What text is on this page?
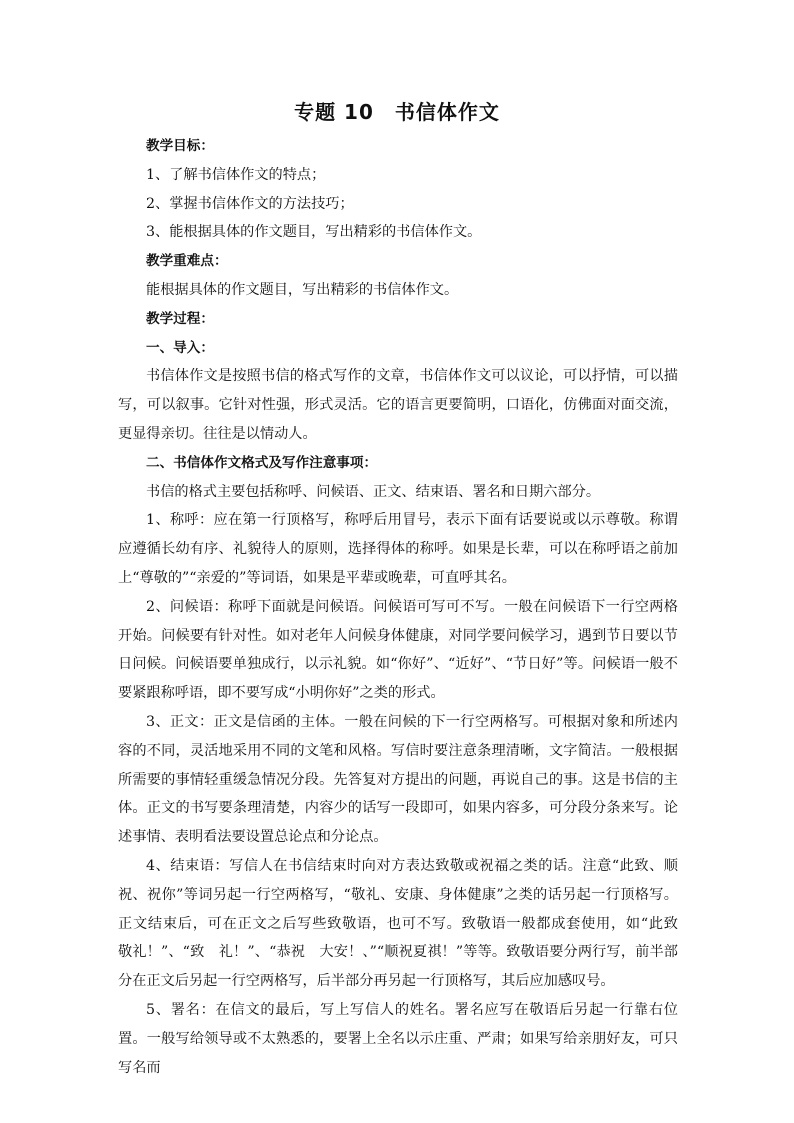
专题 10　书信体作文

教学目标：

1、了解书信体作文的特点；

2、掌握书信体作文的方法技巧；

3、能根据具体的作文题目，写出精彩的书信体作文。

教学重难点：

能根据具体的作文题目，写出精彩的书信体作文。

教学过程：

一、导入：

书信体作文是按照书信的格式写作的文章，书信体作文可以议论，可以抒情，可以描写，可以叙事。它针对性强，形式灵活。它的语言更要简明，口语化，仿佛面对面交流，更显得亲切。往往是以情动人。

二、书信体作文格式及写作注意事项：

书信的格式主要包括称呼、问候语、正文、结束语、署名和日期六部分。

1、称呼：应在第一行顶格写，称呼后用冒号，表示下面有话要说或以示尊敬。称谓应遵循长幼有序、礼貌待人的原则，选择得体的称呼。如果是长辈，可以在称呼语之前加上“尊敬的”“亲爱的”等词语，如果是平辈或晚辈，可直呼其名。

2、问候语：称呼下面就是问候语。问候语可写可不写。一般在问候语下一行空两格开始。问候要有针对性。如对老年人问候身体健康，对同学要问候学习，遇到节日要以节日问候。问候语要单独成行，以示礼貌。如“你好”、“近好”、“节日好”等。问候语一般不要紧跟称呼语，即不要写成“小明你好”之类的形式。

3、正文：正文是信函的主体。一般在问候的下一行空两格写。可根据对象和所述内容的不同，灵活地采用不同的文笔和风格。写信时要注意条理清晰，文字简洁。一般根据所需要的事情轻重缓急情况分段。先答复对方提出的问题，再说自己的事。这是书信的主体。正文的书写要条理清楚，内容少的话写一段即可，如果内容多，可分段分条来写。论述事情、表明看法要设置总论点和分论点。

4、结束语：写信人在书信结束时向对方表达致敬或祝福之类的话。注意“此致、顺祝、祝你”等词另起一行空两格写，“敬礼、安康、身体健康”之类的话另起一行顶格写。正文结束后，可在正文之后写些致敬语，也可不写。致敬语一般都成套使用，如“此致　敬礼！”、“致　礼！”、“恭祝　大安！、”“顺祝夏祺！”等等。致敬语要分两行写，前半部分在正文后另起一行空两格写，后半部分再另起一行顶格写，其后应加感叹号。

5、署名：在信文的最后，写上写信人的姓名。署名应写在敬语后另起一行靠右位置。一般写给领导或不太熟悉的，要署上全名以示庄重、严肃；如果写给亲朋好友，可只写名而
